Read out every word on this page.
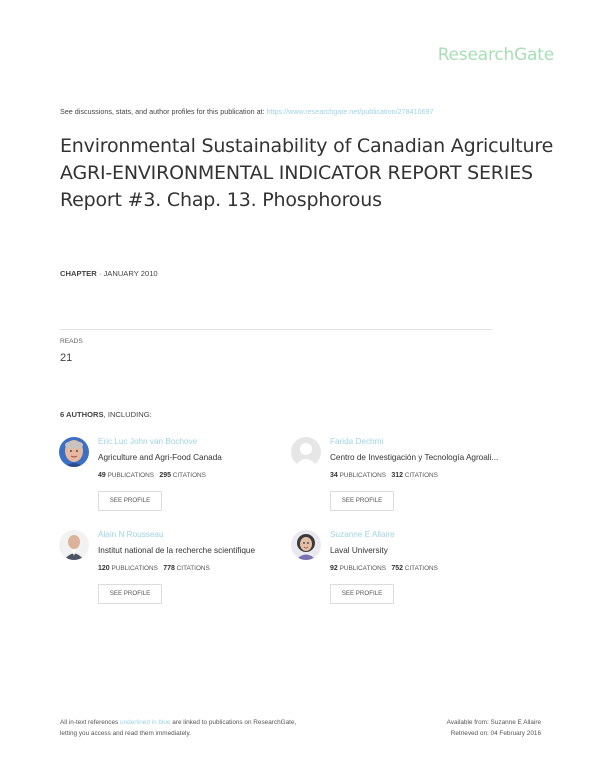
ResearchGate
See discussions, stats, and author profiles for this publication at: https://www.researchgate.net/publication/278410697
Environmental Sustainability of Canadian Agriculture AGRI-ENVIRONMENTAL INDICATOR REPORT SERIES Report #3. Chap. 13. Phosphorous
CHAPTER · JANUARY 2010
READS
21
6 AUTHORS, INCLUDING:
Eric Luc John van Bochove
Agriculture and Agri-Food Canada
49 PUBLICATIONS 295 CITATIONS
SEE PROFILE
Farida Dechmi
Centro de Investigación y Tecnología Agroali...
34 PUBLICATIONS 312 CITATIONS
SEE PROFILE
Alain N Rousseau
Institut national de la recherche scientifique
120 PUBLICATIONS 778 CITATIONS
SEE PROFILE
Suzanne E Allaire
Laval University
92 PUBLICATIONS 752 CITATIONS
SEE PROFILE
All in-text references underlined in blue are linked to publications on ResearchGate,
letting you access and read them immediately.
Available from: Suzanne E Allaire
Retrieved on: 04 February 2016
